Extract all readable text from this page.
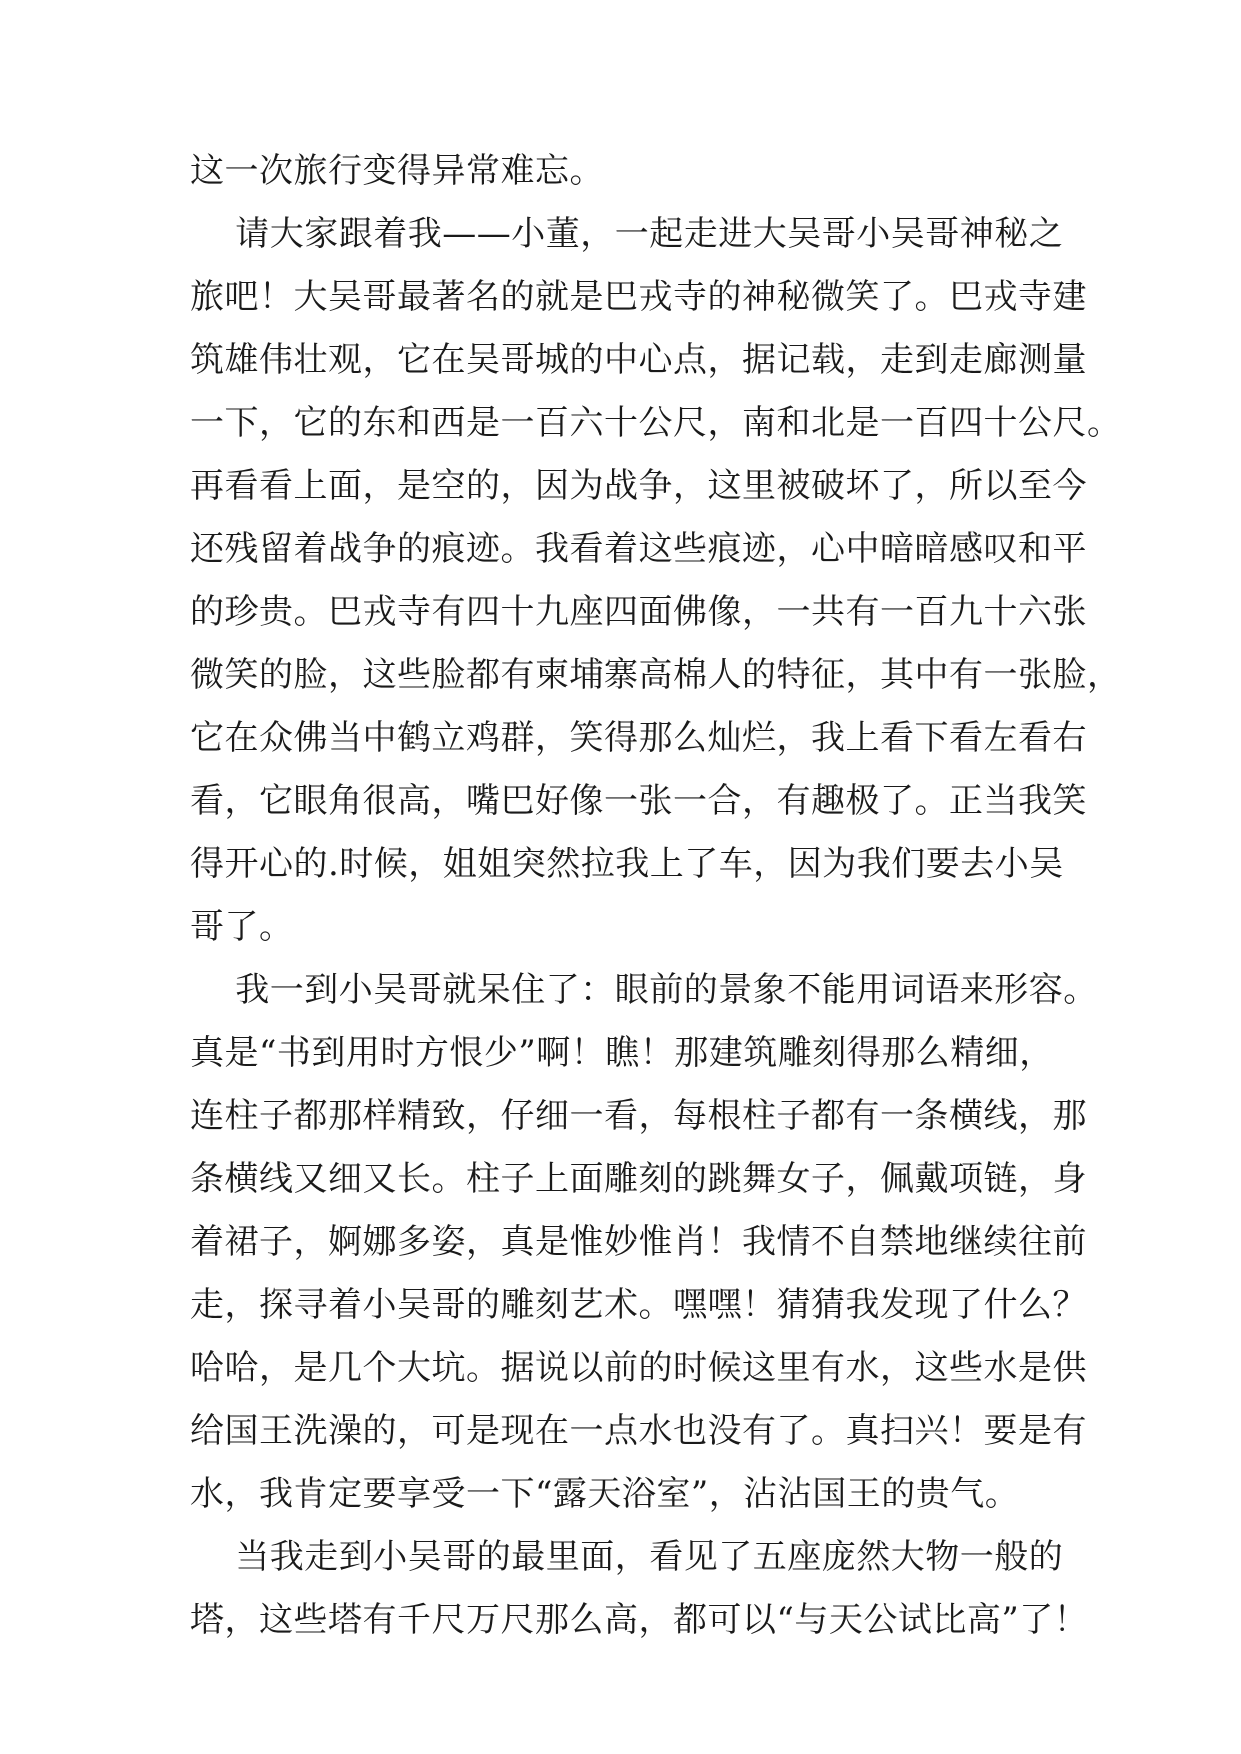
这一次旅行变得异常难忘。
请大家跟着我——小董，一起走进大吴哥小吴哥神秘之
旅吧！大吴哥最著名的就是巴戎寺的神秘微笑了。巴戎寺建
筑雄伟壮观，它在吴哥城的中心点，据记载，走到走廊测量
一下，它的东和西是一百六十公尺，南和北是一百四十公尺。
再看看上面，是空的，因为战争，这里被破坏了，所以至今
还残留着战争的痕迹。我看着这些痕迹，心中暗暗感叹和平
的珍贵。巴戎寺有四十九座四面佛像，一共有一百九十六张
微笑的脸，这些脸都有柬埔寨高棉人的特征，其中有一张脸，
它在众佛当中鹤立鸡群，笑得那么灿烂，我上看下看左看右
看，它眼角很高，嘴巴好像一张一合，有趣极了。正当我笑
得开心的.时候，姐姐突然拉我上了车，因为我们要去小吴
哥了。
我一到小吴哥就呆住了：眼前的景象不能用词语来形容。
真是“书到用时方恨少”啊！瞧！那建筑雕刻得那么精细，
连柱子都那样精致，仔细一看，每根柱子都有一条横线，那
条横线又细又长。柱子上面雕刻的跳舞女子，佩戴项链，身
着裙子，婀娜多姿，真是惟妙惟肖！我情不自禁地继续往前
走，探寻着小吴哥的雕刻艺术。嘿嘿！猜猜我发现了什么？
哈哈，是几个大坑。据说以前的时候这里有水，这些水是供
给国王洗澡的，可是现在一点水也没有了。真扫兴！要是有
水，我肯定要享受一下“露天浴室”，沾沾国王的贵气。
当我走到小吴哥的最里面，看见了五座庞然大物一般的
塔，这些塔有千尺万尺那么高，都可以“与天公试比高”了！
